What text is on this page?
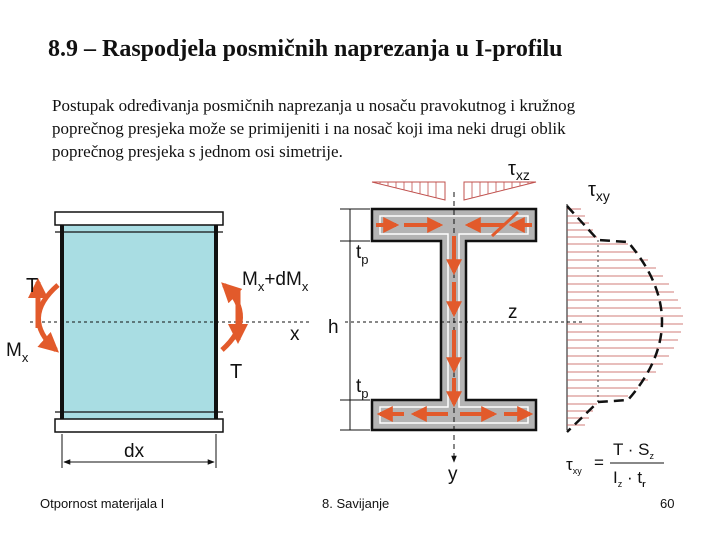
8.9 – Raspodjela posmičnih naprezanja u I-profilu
Postupak određivanja posmičnih naprezanja u nosaču pravokutnog i kružnog
poprečnog presjeka može se primijeniti i na nosač koji ima neki drugi oblik
poprečnog presjeka s jednom osi simetrije.
T
$M_x$
$M_x+dM_x$
T
x
dx
$\tau_{xz}$
$t_p$
h
z
$t_p$
y
$\tau_{xy}$
$\tau_{xy}$ =
$T \cdot S_z$
$I_z \cdot t_r$
Otpornost materijala I	8. Savijanje	60
